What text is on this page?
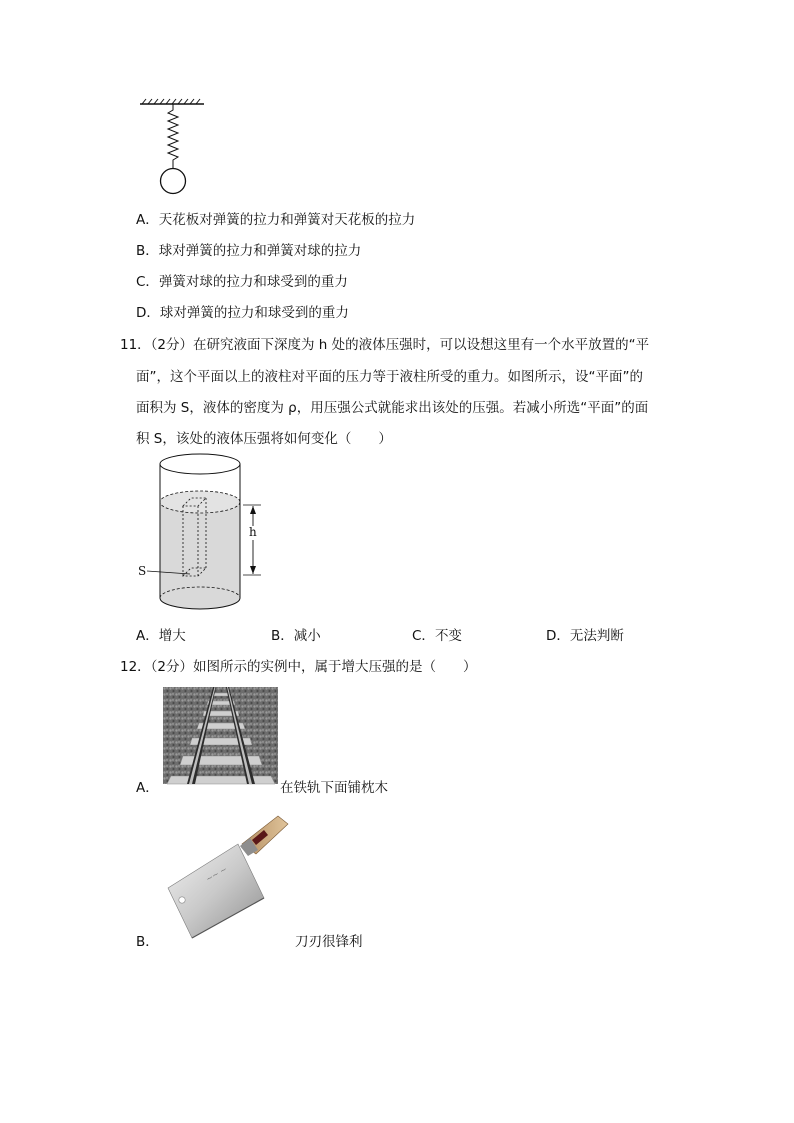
A．天花板对弹簧的拉力和弹簧对天花板的拉力
B．球对弹簧的拉力和弹簧对球的拉力
C．弹簧对球的拉力和球受到的重力
D．球对弹簧的拉力和球受到的重力
11．（2分）在研究液面下深度为 h 处的液体压强时，可以设想这里有一个水平放置的“平
面”，这个平面以上的液柱对平面的压力等于液柱所受的重力。如图所示，设“平面”的
面积为 S，液体的密度为 ρ，用压强公式就能求出该处的压强。若减小所选“平面”的面
积 S，该处的液体压强将如何变化（　　）
h
S
A．增大	B．减小	C．不变	D．无法判断
12．（2分）如图所示的实例中，属于增大压强的是（　　）
A．	在铁轨下面铺枕木
~~ ~
B．	刀刃很锋利
